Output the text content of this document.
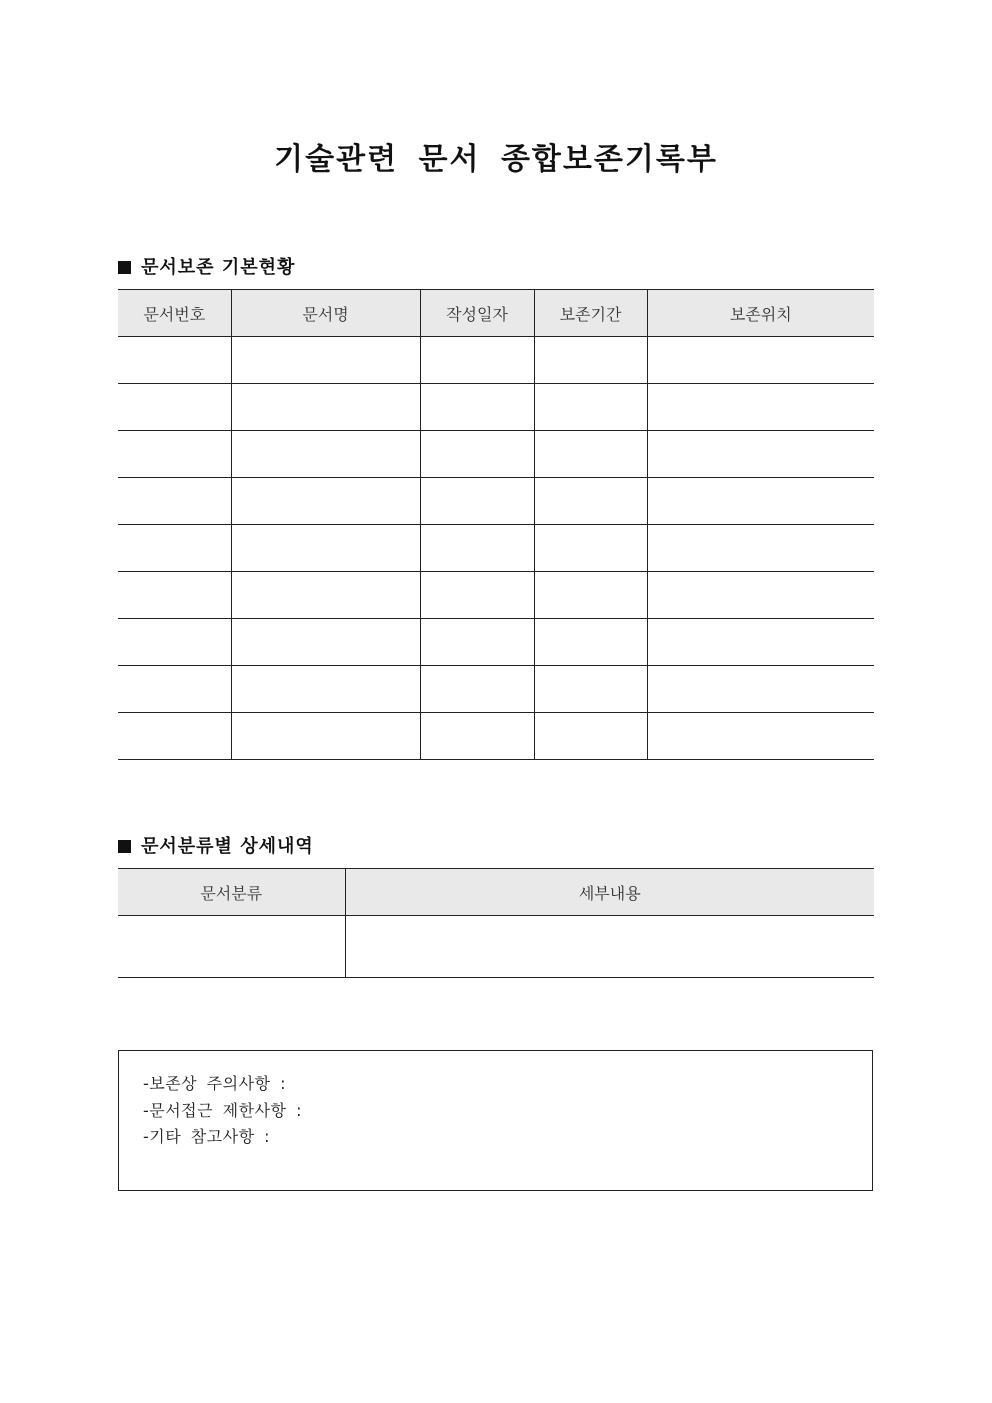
기술관련 문서 종합보존기록부
문서보존 기본현황
문서번호	문서명	작성일자	보존기간	보존위치

문서분류별 상세내역
문서분류	세부내용

-보존상 주의사항 :
-문서접근 제한사항 :
-기타 참고사항 :
